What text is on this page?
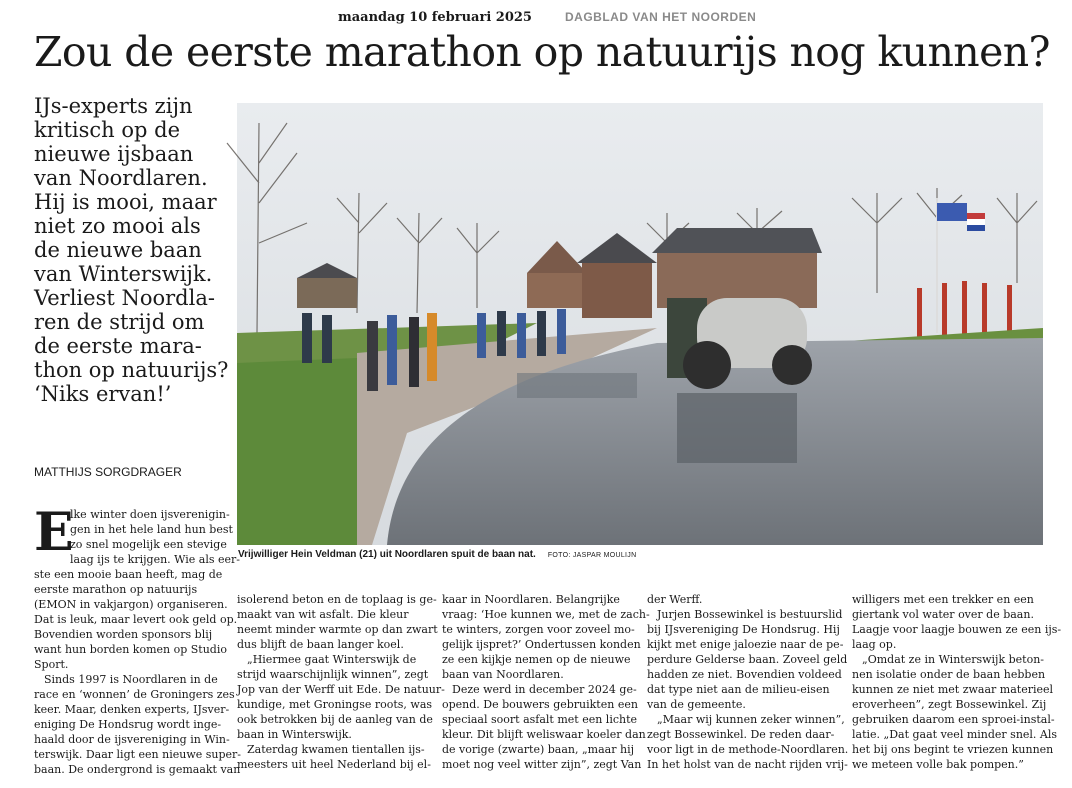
maandag 10 februari 2025	DAGBLAD VAN HET NOORDEN
Zou de eerste marathon op natuurijs nog kunnen?
IJs-experts zijn
kritisch op de
nieuwe ijsbaan
van Noordlaren.
Hij is mooi, maar
niet zo mooi als
de nieuwe baan
van Winterswijk.
Verliest Noordla-
ren de strijd om
de eerste mara-
thon op natuurijs?
‘Niks ervan!’
MATTHIJS SORGDRAGER
Vrijwilliger Hein Veldman (21) uit Noordlaren spuit de baan nat. FOTO: JASPAR MOULIJN
E
lke winter doen ijsverenigin-
gen in het hele land hun best
zo snel mogelijk een stevige
laag ijs te krijgen. Wie als eer-
ste een mooie baan heeft, mag de
eerste marathon op natuurijs
(EMON in vakjargon) organiseren.
Dat is leuk, maar levert ook geld op.
Bovendien worden sponsors blij
want hun borden komen op Studio
Sport.
Sinds 1997 is Noordlaren in de
race en ‘wonnen’ de Groningers zes
keer. Maar, denken experts, IJsver-
eniging De Hondsrug wordt inge-
haald door de ijsvereniging in Win-
terswijk. Daar ligt een nieuwe super-
baan. De ondergrond is gemaakt van
isolerend beton en de toplaag is ge-
maakt van wit asfalt. Die kleur
neemt minder warmte op dan zwart
dus blijft de baan langer koel.
„Hiermee gaat Winterswijk de
strijd waarschijnlijk winnen”, zegt
Jop van der Werff uit Ede. De natuur-
kundige, met Groningse roots, was
ook betrokken bij de aanleg van de
baan in Winterswijk.
Zaterdag kwamen tientallen ijs-
meesters uit heel Nederland bij el-
kaar in Noordlaren. Belangrijke
vraag: ‘Hoe kunnen we, met de zach-
te winters, zorgen voor zoveel mo-
gelijk ijspret?’ Ondertussen konden
ze een kijkje nemen op de nieuwe
baan van Noordlaren.
Deze werd in december 2024 ge-
opend. De bouwers gebruikten een
speciaal soort asfalt met een lichte
kleur. Dit blijft weliswaar koeler dan
de vorige (zwarte) baan, „maar hij
moet nog veel witter zijn”, zegt Van
der Werff.
Jurjen Bossewinkel is bestuurslid
bij IJsvereniging De Hondsrug. Hij
kijkt met enige jaloezie naar de pe-
perdure Gelderse baan. Zoveel geld
hadden ze niet. Bovendien voldeed
dat type niet aan de milieu-eisen
van de gemeente.
„Maar wij kunnen zeker winnen”,
zegt Bossewinkel. De reden daar-
voor ligt in de methode-Noordlaren.
In het holst van de nacht rijden vrij-
willigers met een trekker en een
giertank vol water over de baan.
Laagje voor laagje bouwen ze een ijs-
laag op.
„Omdat ze in Winterswijk beton-
nen isolatie onder de baan hebben
kunnen ze niet met zwaar materieel
eroverheen”, zegt Bossewinkel. Zij
gebruiken daarom een sproei-instal-
latie. „Dat gaat veel minder snel. Als
het bij ons begint te vriezen kunnen
we meteen volle bak pompen.”
